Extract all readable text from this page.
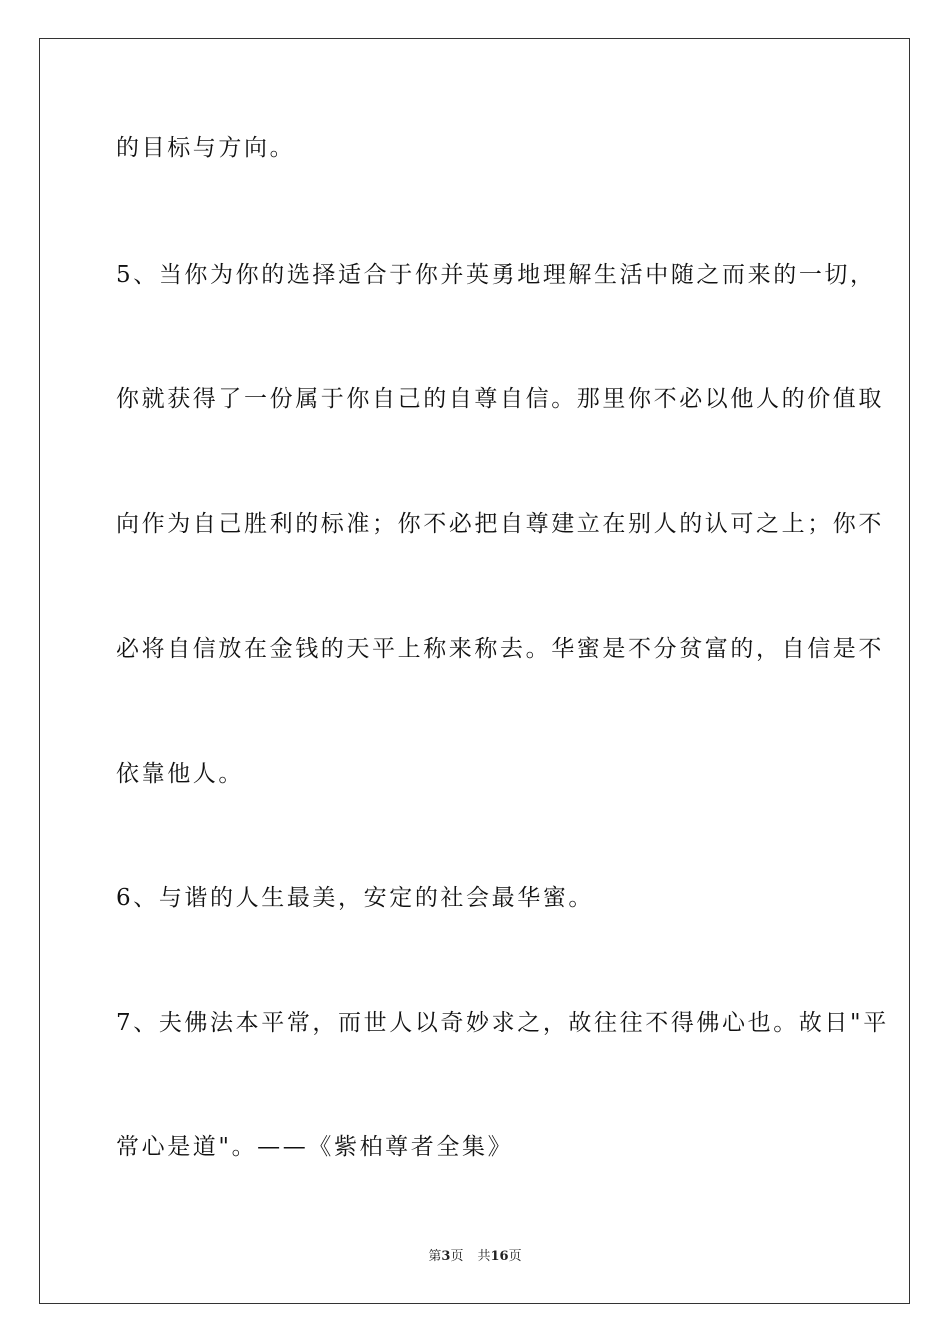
的目标与方向。
5、当你为你的选择适合于你并英勇地理解生活中随之而来的一切，
你就获得了一份属于你自己的自尊自信。那里你不必以他人的价值取
向作为自己胜利的标准；你不必把自尊建立在别人的认可之上；你不
必将自信放在金钱的天平上称来称去。华蜜是不分贫富的，自信是不
依靠他人。
6、与谐的人生最美，安定的社会最华蜜。
7、夫佛法本平常，而世人以奇妙求之，故往往不得佛心也。故日"平
常心是道"。——《紫柏尊者全集》
第3页 共16页
